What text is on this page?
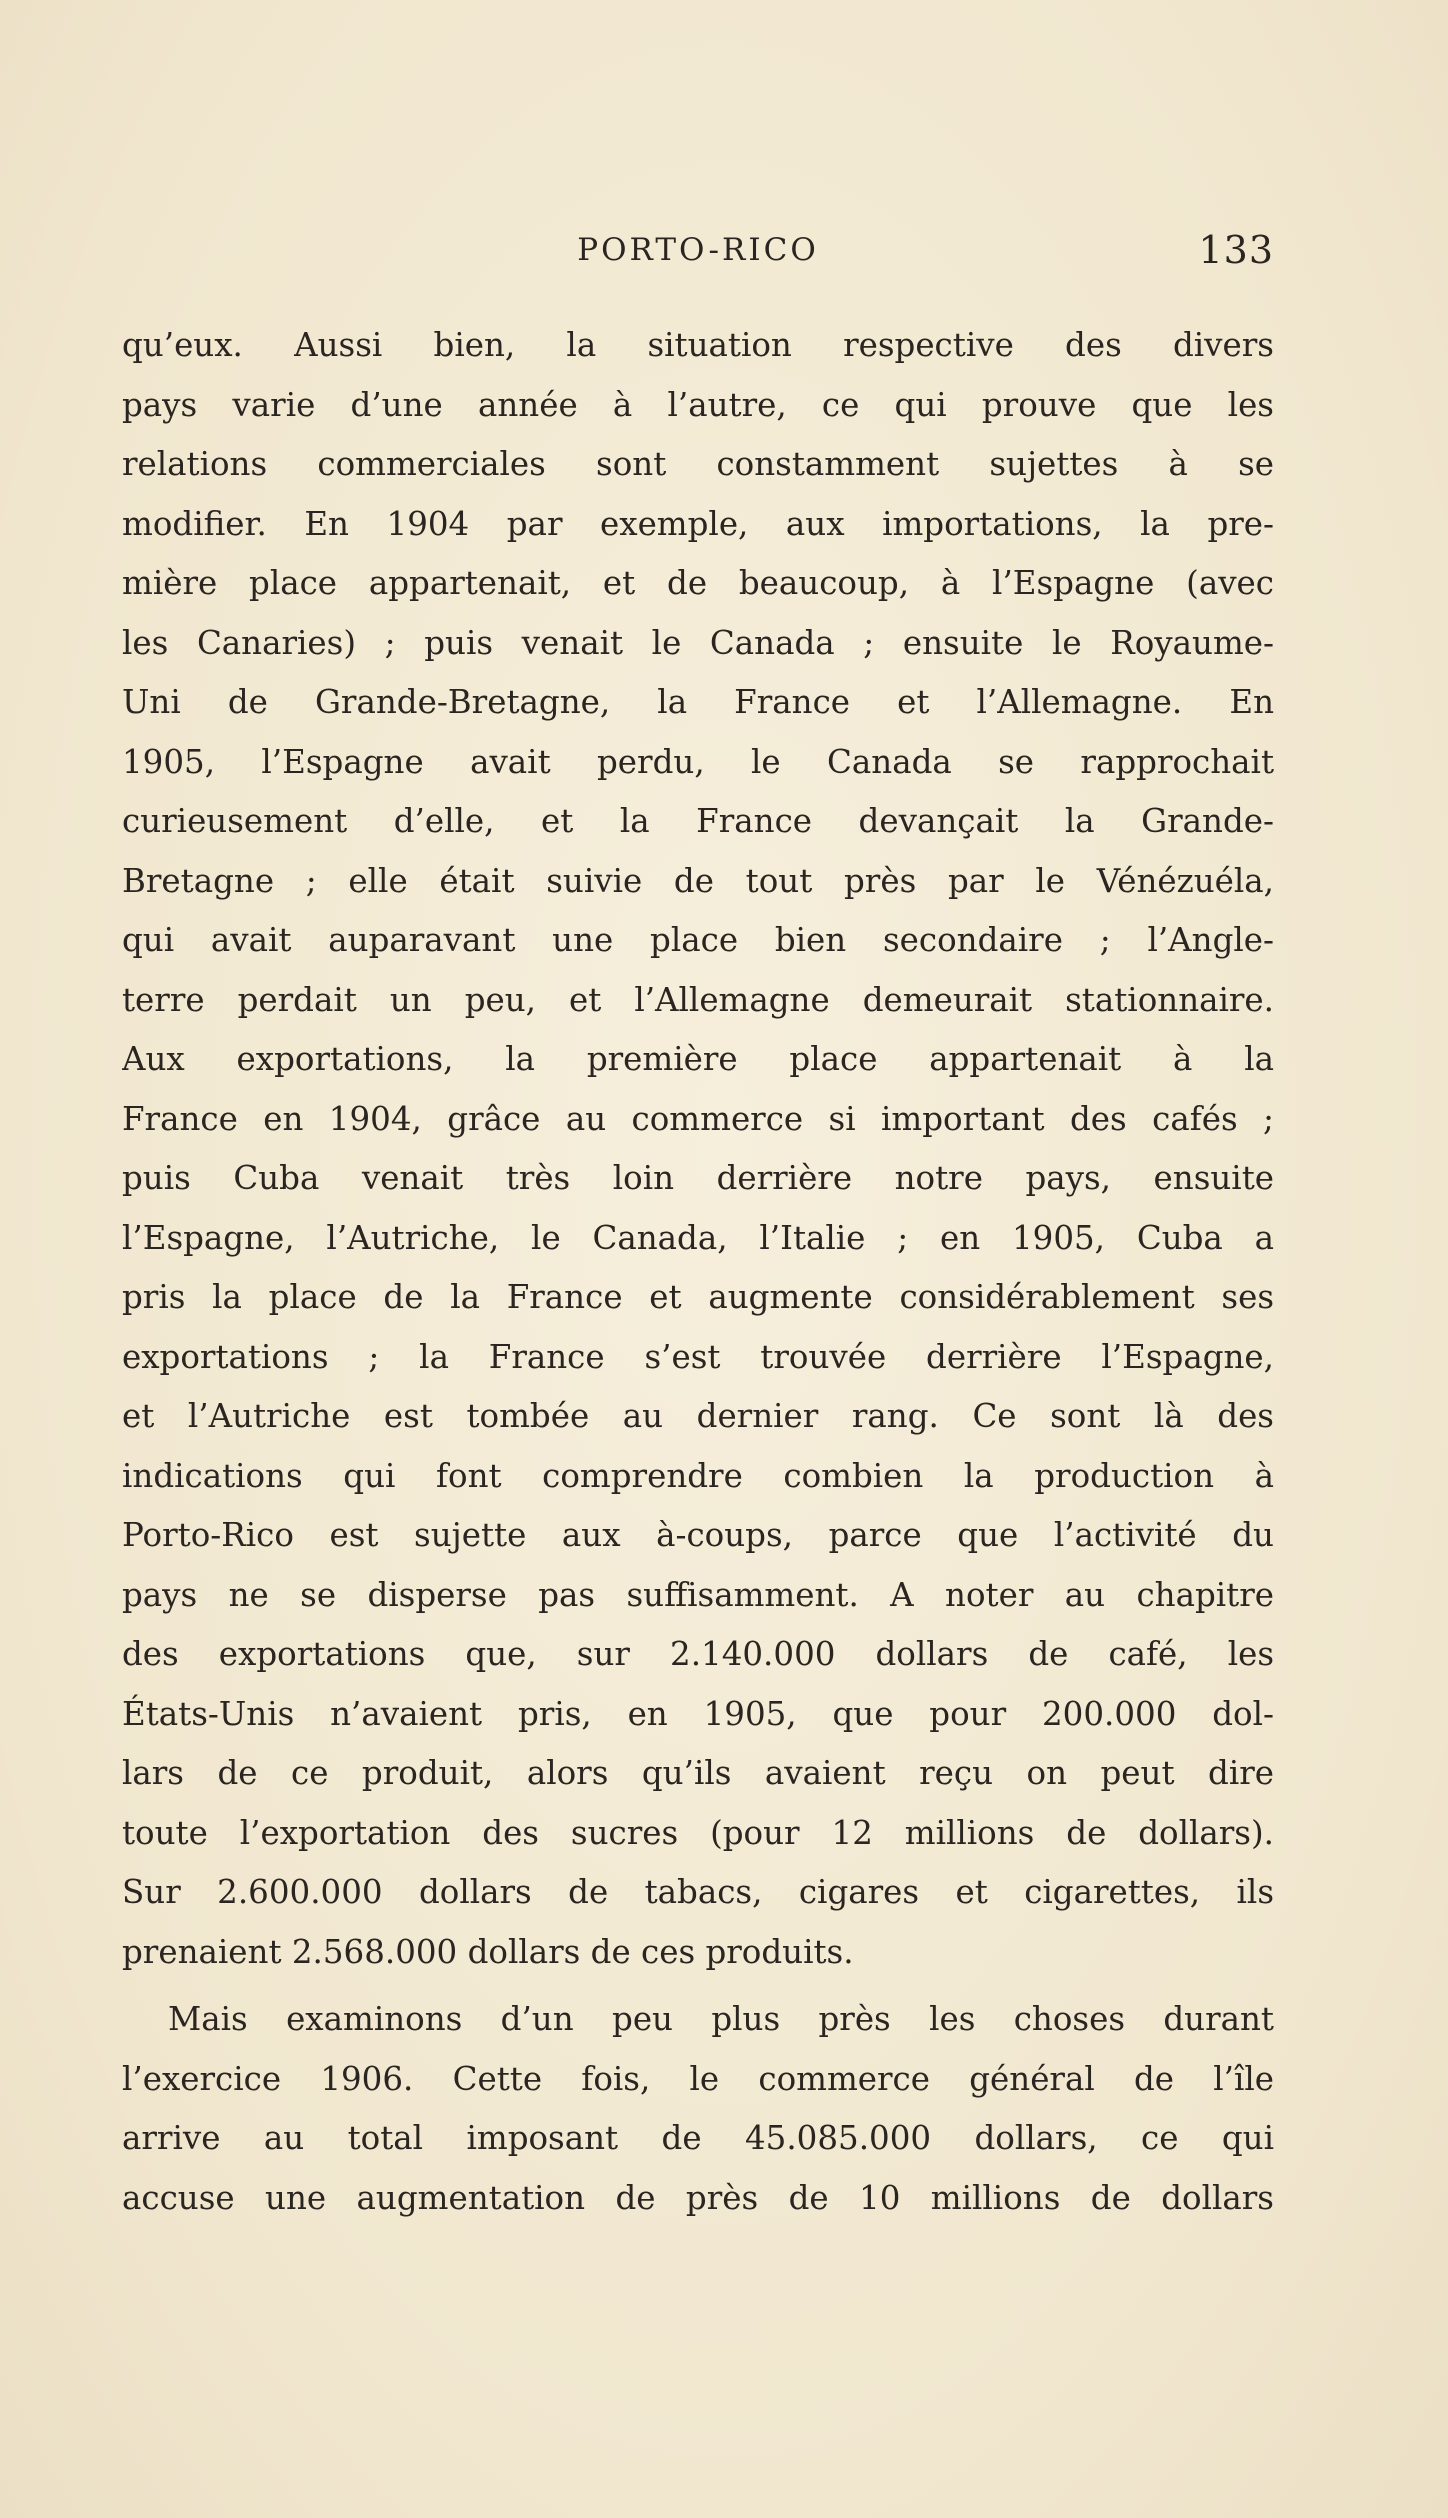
PORTO-RICO	133
qu’eux. Aussi bien, la situation respective des divers
pays varie d’une année à l’autre, ce qui prouve que les
relations commerciales sont constamment sujettes à se
modifier. En 1904 par exemple, aux importations, la pre-
mière place appartenait, et de beaucoup, à l’Espagne (avec
les Canaries) ; puis venait le Canada ; ensuite le Royaume-
Uni de Grande-Bretagne, la France et l’Allemagne. En
1905, l’Espagne avait perdu, le Canada se rapprochait
curieusement d’elle, et la France devançait la Grande-
Bretagne ; elle était suivie de tout près par le Vénézuéla,
qui avait auparavant une place bien secondaire ; l’Angle-
terre perdait un peu, et l’Allemagne demeurait stationnaire.
Aux exportations, la première place appartenait à la
France en 1904, grâce au commerce si important des cafés ;
puis Cuba venait très loin derrière notre pays, ensuite
l’Espagne, l’Autriche, le Canada, l’Italie ; en 1905, Cuba a
pris la place de la France et augmente considérablement ses
exportations ; la France s’est trouvée derrière l’Espagne,
et l’Autriche est tombée au dernier rang. Ce sont là des
indications qui font comprendre combien la production à
Porto-Rico est sujette aux à-coups, parce que l’activité du
pays ne se disperse pas suffisamment. A noter au chapitre
des exportations que, sur 2.140.000 dollars de café, les
États-Unis n’avaient pris, en 1905, que pour 200.000 dol-
lars de ce produit, alors qu’ils avaient reçu on peut dire
toute l’exportation des sucres (pour 12 millions de dollars).
Sur 2.600.000 dollars de tabacs, cigares et cigarettes, ils
prenaient 2.568.000 dollars de ces produits.
Mais examinons d’un peu plus près les choses durant
l’exercice 1906. Cette fois, le commerce général de l’île
arrive au total imposant de 45.085.000 dollars, ce qui
accuse une augmentation de près de 10 millions de dollars
